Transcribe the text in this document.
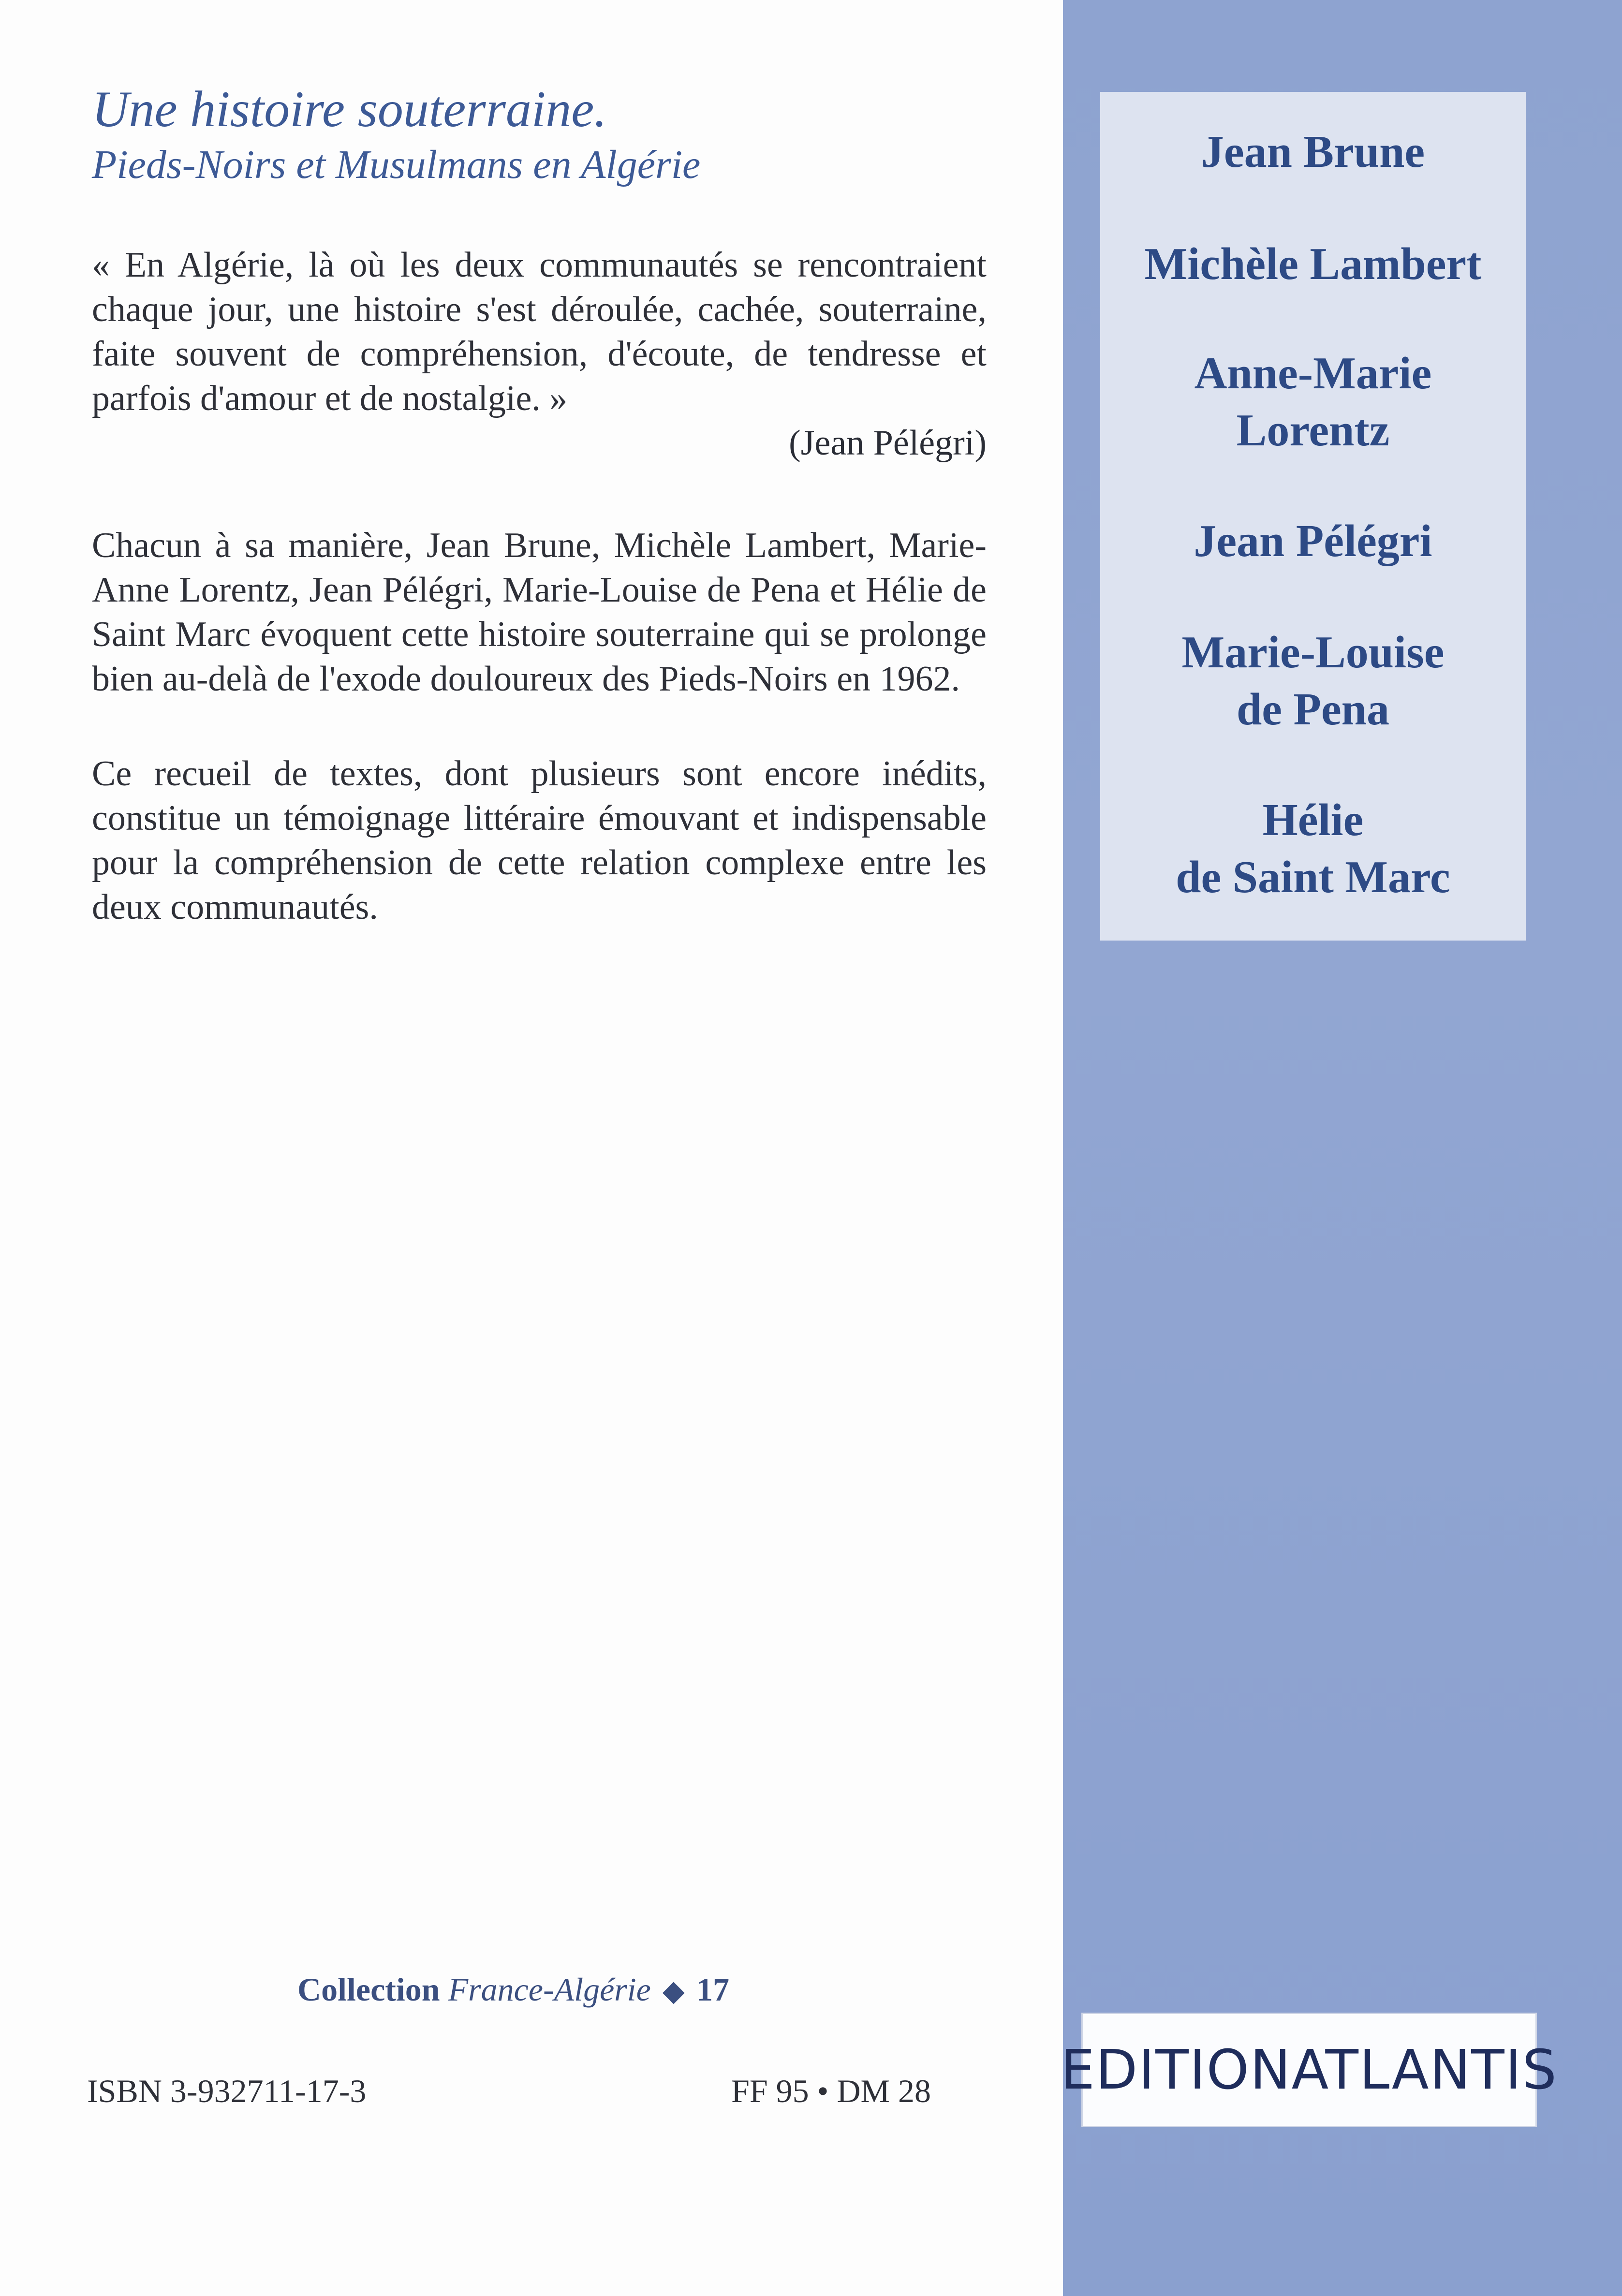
Une histoire souterraine.
Pieds-Noirs et Musulmans en Algérie

« En Algérie, là où les deux communautés se rencontraient chaque jour, une histoire s'est déroulée, cachée, souterraine, faite souvent de compréhension, d'écoute, de tendresse et parfois d'amour et de nostalgie. »

(Jean Pélégri)

Chacun à sa manière, Jean Brune, Michèle Lambert, Marie-Anne Lorentz, Jean Pélégri, Marie-Louise de Pena et Hélie de Saint Marc évoquent cette histoire souterraine qui se prolonge bien au-delà de l'exode douloureux des Pieds-Noirs en 1962.

Ce recueil de textes, dont plusieurs sont encore inédits, constitue un témoignage littéraire émouvant et indispensable pour la compréhension de cette relation complexe entre les deux communautés.

Collection France-Algérie ◆ 17
ISBN 3-932711-17-3	FF 95 • DM 28
Jean Brune
Michèle Lambert
Anne-Marie
Lorentz
Jean Pélégri
Marie-Louise
de Pena
Hélie
de Saint Marc
EDITIONATLANTIS
